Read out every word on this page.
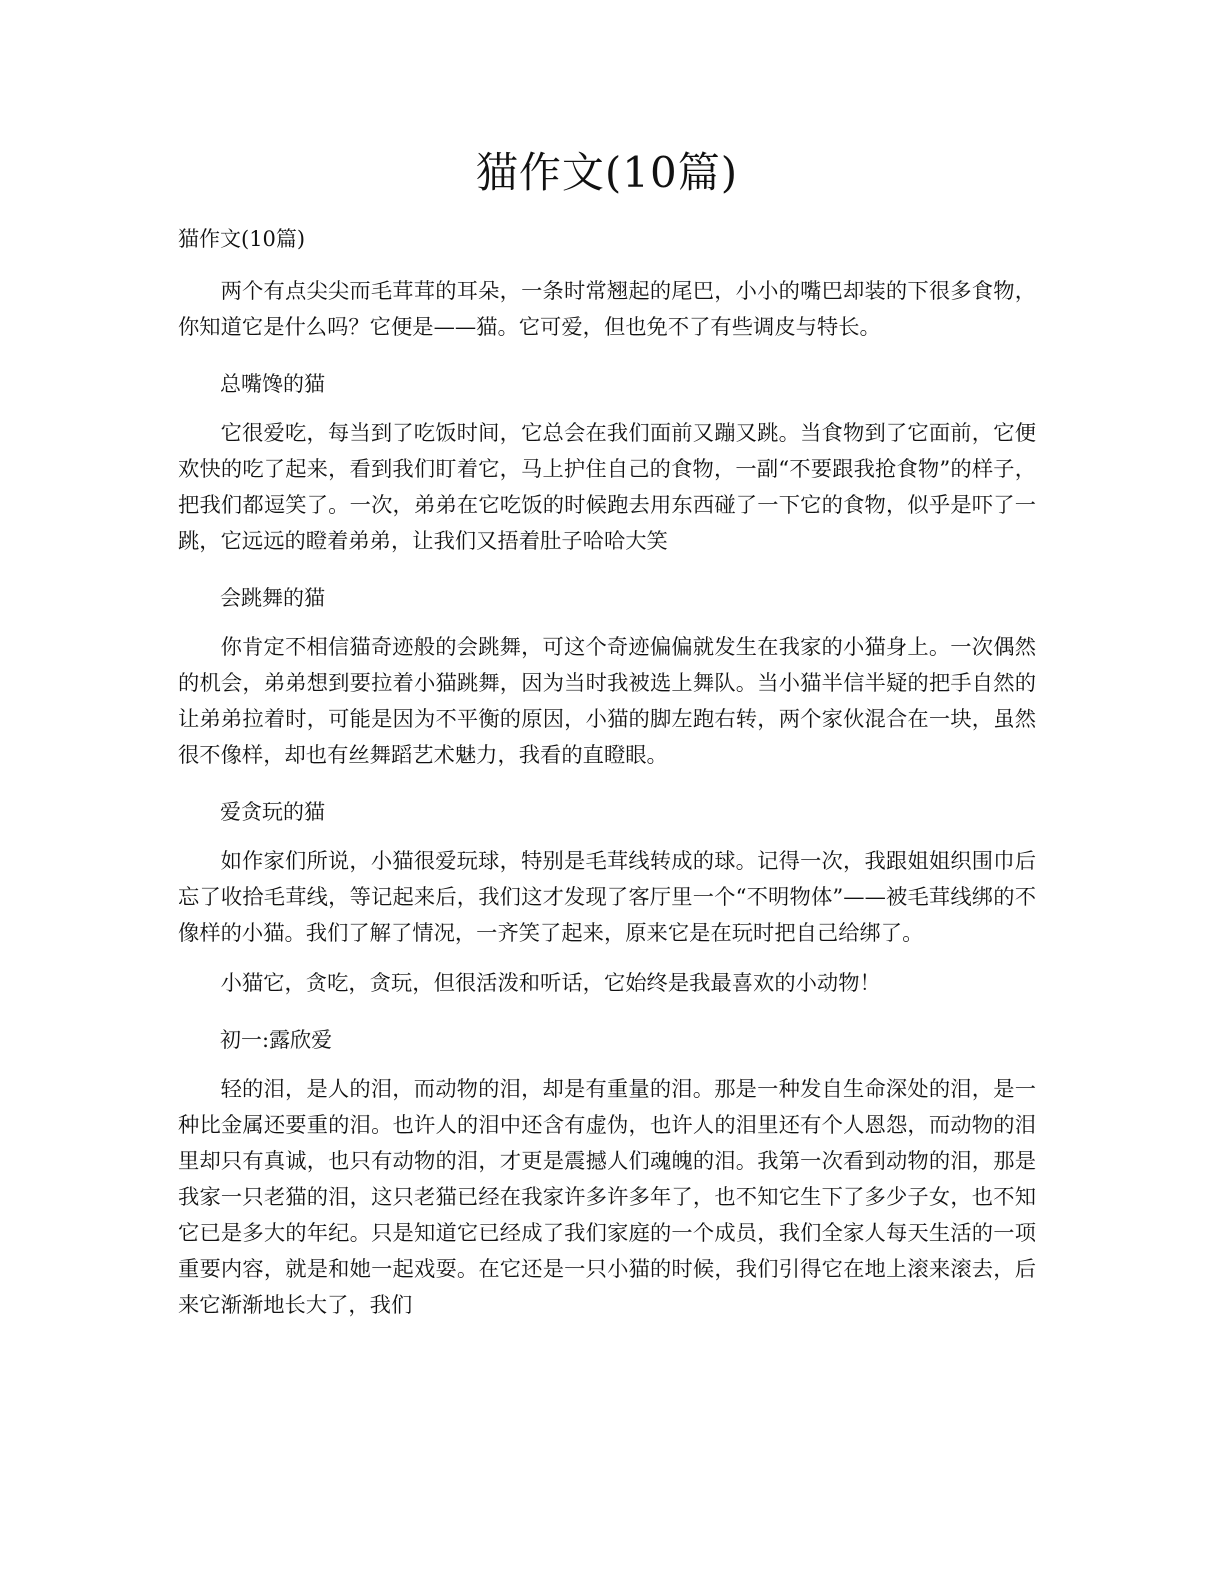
猫作文(10篇)
猫作文(10篇)

两个有点尖尖而毛茸茸的耳朵，一条时常翘起的尾巴，小小的嘴巴却装的下很多食物，你知道它是什么吗？它便是——猫。它可爱，但也免不了有些调皮与特长。

总嘴馋的猫

它很爱吃，每当到了吃饭时间，它总会在我们面前又蹦又跳。当食物到了它面前，它便欢快的吃了起来，看到我们盯着它，马上护住自己的食物，一副“不要跟我抢食物”的样子，把我们都逗笑了。一次，弟弟在它吃饭的时候跑去用东西碰了一下它的食物，似乎是吓了一跳，它远远的瞪着弟弟，让我们又捂着肚子哈哈大笑

会跳舞的猫

你肯定不相信猫奇迹般的会跳舞，可这个奇迹偏偏就发生在我家的小猫身上。一次偶然的机会，弟弟想到要拉着小猫跳舞，因为当时我被选上舞队。当小猫半信半疑的把手自然的让弟弟拉着时，可能是因为不平衡的原因，小猫的脚左跑右转，两个家伙混合在一块，虽然很不像样，却也有丝舞蹈艺术魅力，我看的直瞪眼。

爱贪玩的猫

如作家们所说，小猫很爱玩球，特别是毛茸线转成的球。记得一次，我跟姐姐织围巾后忘了收拾毛茸线，等记起来后，我们这才发现了客厅里一个“不明物体”——被毛茸线绑的不像样的小猫。我们了解了情况，一齐笑了起来，原来它是在玩时把自己给绑了。

小猫它，贪吃，贪玩，但很活泼和听话，它始终是我最喜欢的小动物！

初一:露欣爱

轻的泪，是人的泪，而动物的泪，却是有重量的泪。那是一种发自生命深处的泪，是一种比金属还要重的泪。也许人的泪中还含有虚伪，也许人的泪里还有个人恩怨，而动物的泪里却只有真诚，也只有动物的泪，才更是震撼人们魂魄的泪。我第一次看到动物的泪，那是我家一只老猫的泪，这只老猫已经在我家许多许多年了，也不知它生下了多少子女，也不知它已是多大的年纪。只是知道它已经成了我们家庭的一个成员，我们全家人每天生活的一项重要内容，就是和她一起戏耍。在它还是一只小猫的时候，我们引得它在地上滚来滚去，后来它渐渐地长大了，我们
